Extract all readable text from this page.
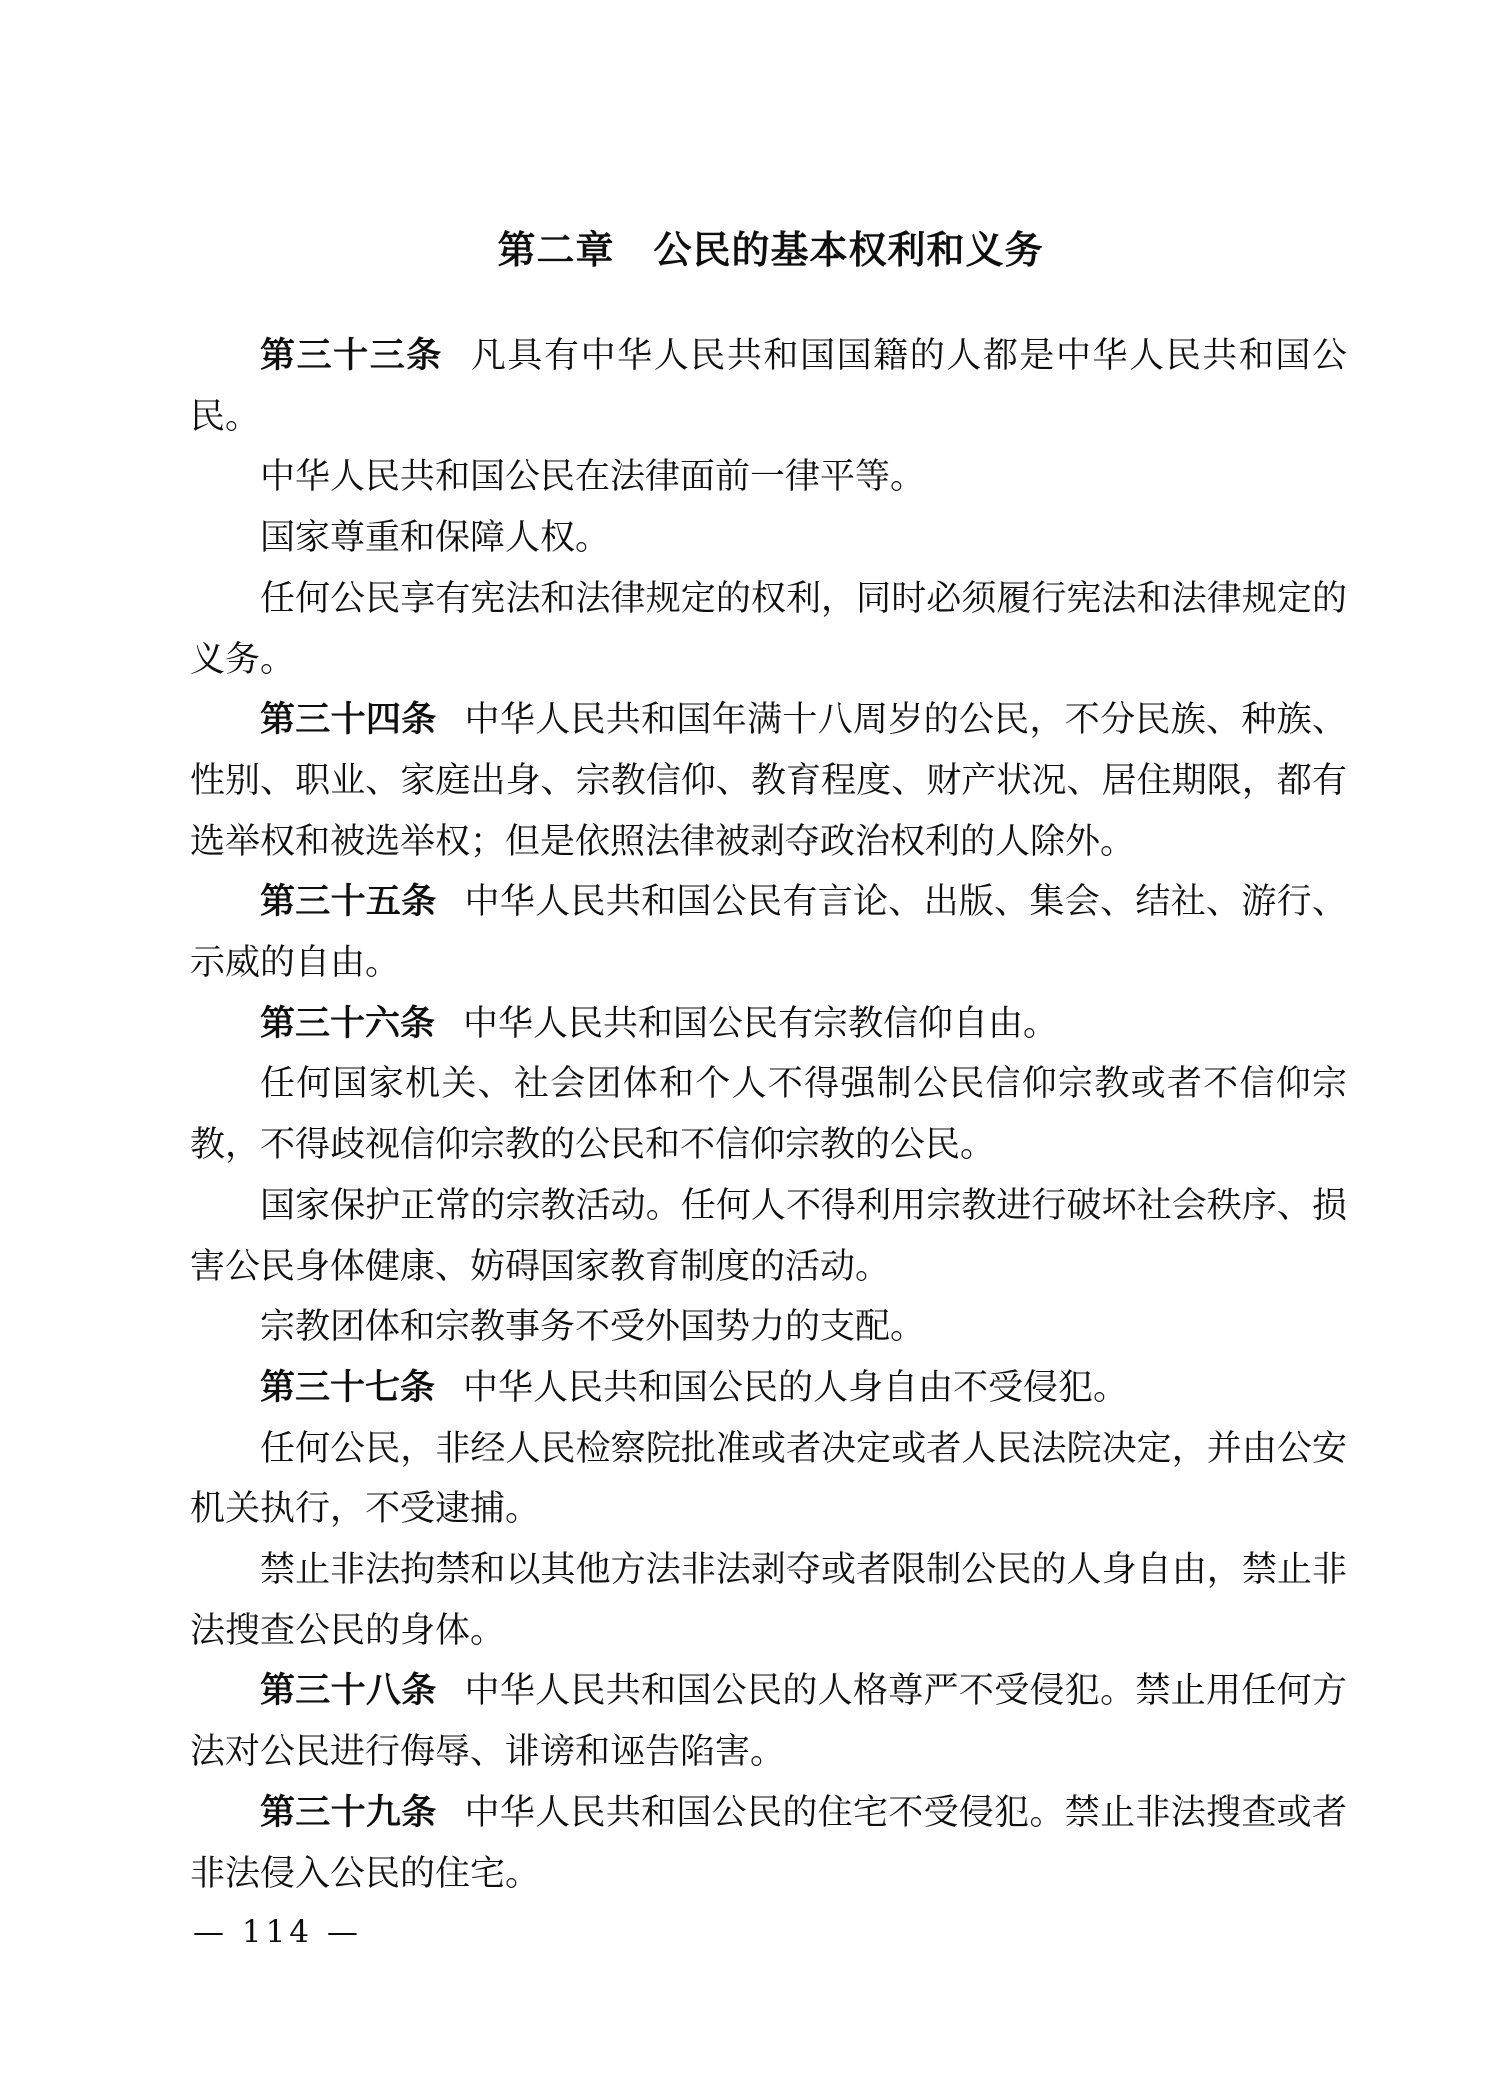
第二章　公民的基本权利和义务

第三十三条 凡具有中华人民共和国国籍的人都是中华人民共和国公民。

中华人民共和国公民在法律面前一律平等。

国家尊重和保障人权。

任何公民享有宪法和法律规定的权利，同时必须履行宪法和法律规定的义务。

第三十四条 中华人民共和国年满十八周岁的公民，不分民族、种族、性别、职业、家庭出身、宗教信仰、教育程度、财产状况、居住期限，都有选举权和被选举权；但是依照法律被剥夺政治权利的人除外。

第三十五条 中华人民共和国公民有言论、出版、集会、结社、游行、示威的自由。

第三十六条 中华人民共和国公民有宗教信仰自由。

任何国家机关、社会团体和个人不得强制公民信仰宗教或者不信仰宗教，不得歧视信仰宗教的公民和不信仰宗教的公民。

国家保护正常的宗教活动。任何人不得利用宗教进行破坏社会秩序、损害公民身体健康、妨碍国家教育制度的活动。

宗教团体和宗教事务不受外国势力的支配。

第三十七条 中华人民共和国公民的人身自由不受侵犯。

任何公民，非经人民检察院批准或者决定或者人民法院决定，并由公安机关执行，不受逮捕。

禁止非法拘禁和以其他方法非法剥夺或者限制公民的人身自由，禁止非法搜查公民的身体。

第三十八条 中华人民共和国公民的人格尊严不受侵犯。禁止用任何方法对公民进行侮辱、诽谤和诬告陷害。

第三十九条 中华人民共和国公民的住宅不受侵犯。禁止非法搜查或者非法侵入公民的住宅。

— 114 —
